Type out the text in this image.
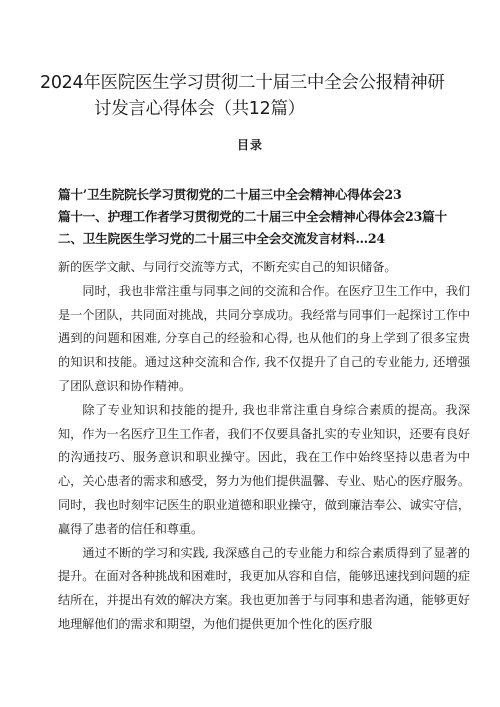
2024年医院医生学习贯彻二十届三中全会公报精神研
讨发言心得体会（共12篇）
目录
篇十’卫生院院长学习贯彻党的二十届三中全会精神心得体会23
篇十一、护理工作者学习贯彻党的二十届三中全会精神心得体会23篇十
二、卫生院医生学习党的二十届三中全会交流发言材料…24

新的医学文献、与同行交流等方式，不断充实自己的知识储备。

同时，我也非常注重与同事之间的交流和合作。在医疗卫生工作中，我们是一个团队，共同面对挑战，共同分享成功。我经常与同事们一起探讨工作中遇到的问题和困难, 分享自己的经验和心得, 也从他们的身上学到了很多宝贵的知识和技能。通过这种交流和合作, 我不仅提升了自己的专业能力, 还增强了团队意识和协作精神。

除了专业知识和技能的提升, 我也非常注重自身综合素质的提高。我深知，作为一名医疗卫生工作者，我们不仅要具备扎实的专业知识，还要有良好的沟通技巧、服务意识和职业操守。因此，我在工作中始终坚持以患者为中心，关心患者的需求和感受，努力为他们提供温馨、专业、贴心的医疗服务。同时，我也时刻牢记医生的职业道德和职业操守，做到廉洁奉公、诚实守信，赢得了患者的信任和尊重。

通过不断的学习和实践, 我深感自己的专业能力和综合素质得到了显著的提升。在面对各种挑战和困难时，我更加从容和自信，能够迅速找到问题的症结所在，并提出有效的解决方案。我也更加善于与同事和患者沟通，能够更好地理解他们的需求和期望，为他们提供更加个性化的医疗服
